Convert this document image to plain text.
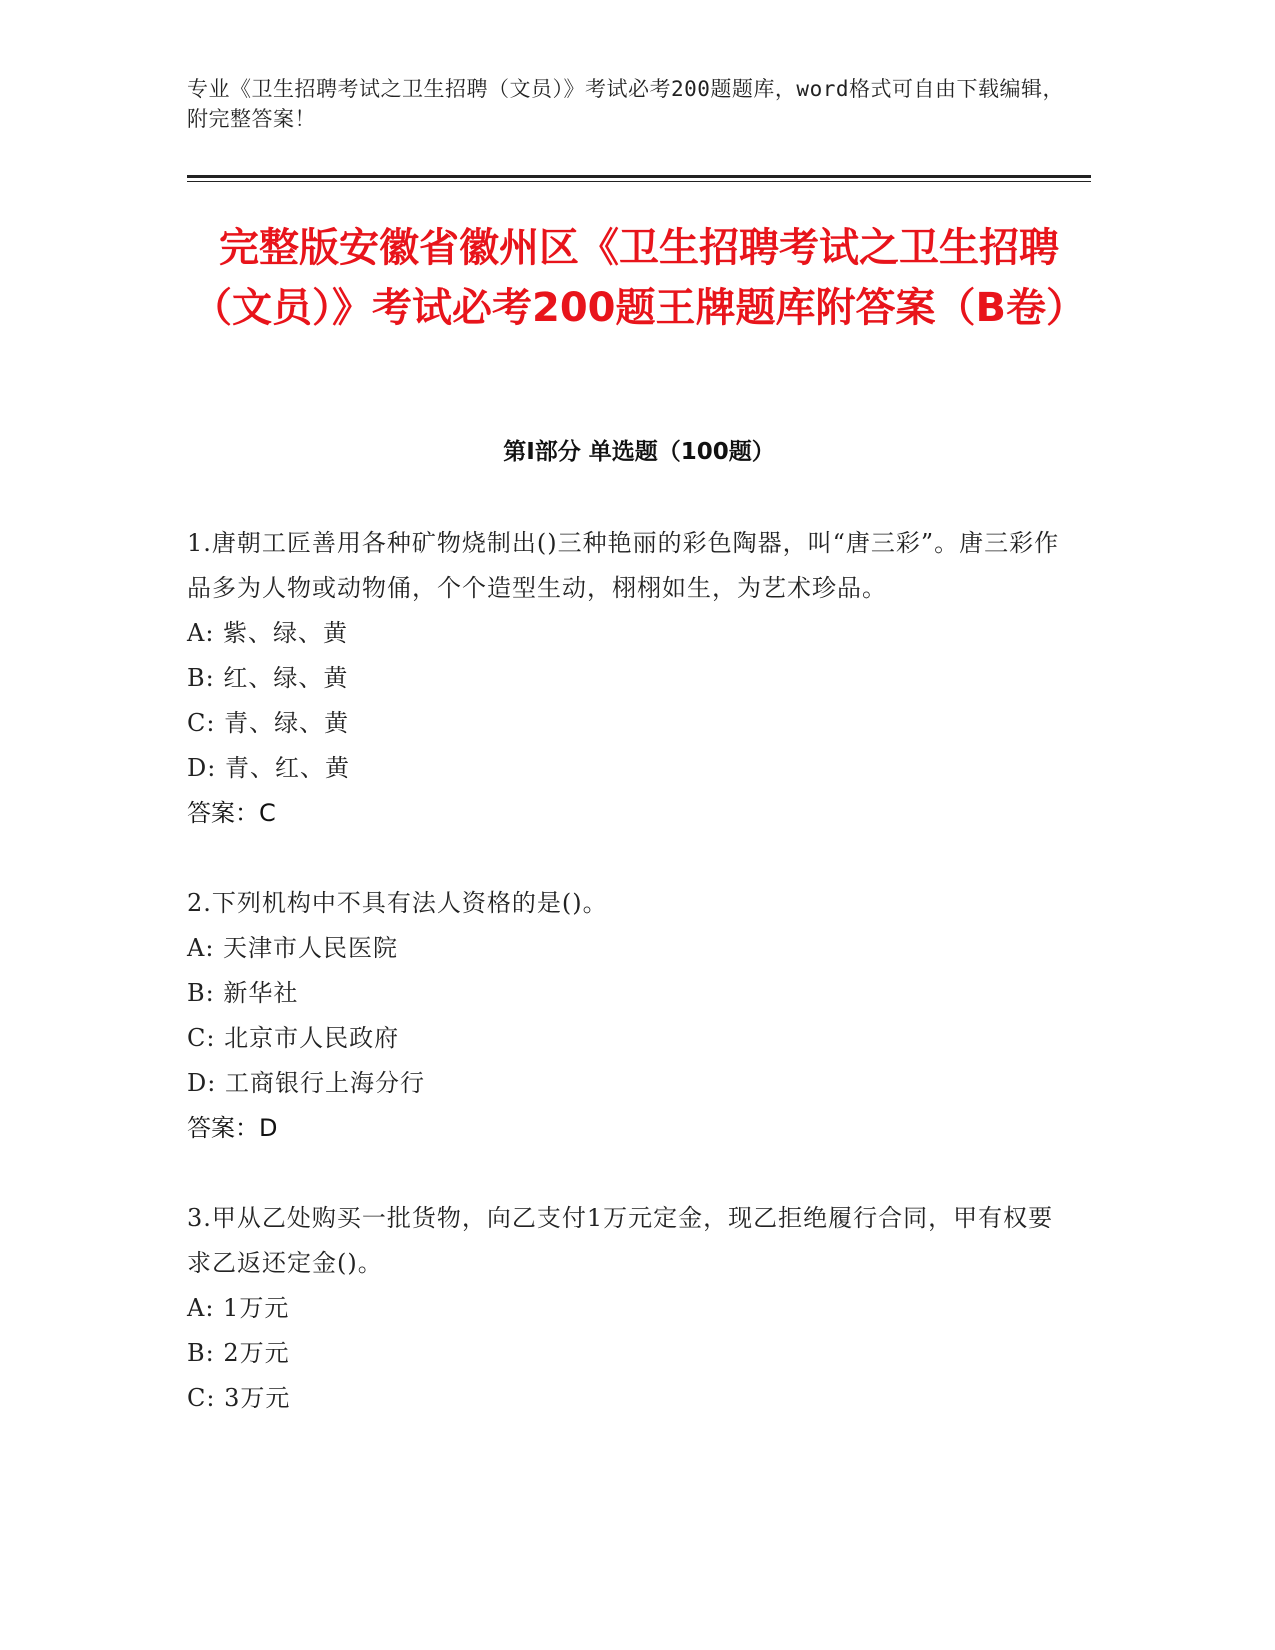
专业《卫生招聘考试之卫生招聘（文员）》考试必考200题题库，word格式可自由下载编辑，附完整答案！
完整版安徽省徽州区《卫生招聘考试之卫生招聘（文员）》考试必考200题王牌题库附答案（B卷）
第Ⅰ部分 单选题（100题）
1.唐朝工匠善用各种矿物烧制出()三种艳丽的彩色陶器，叫“唐三彩”。唐三彩作品多为人物或动物俑，个个造型生动，栩栩如生，为艺术珍品。
A: 紫、绿、黄
B: 红、绿、黄
C: 青、绿、黄
D: 青、红、黄
答案：C
2.下列机构中不具有法人资格的是()。
A: 天津市人民医院
B: 新华社
C: 北京市人民政府
D: 工商银行上海分行
答案：D
3.甲从乙处购买一批货物，向乙支付1万元定金，现乙拒绝履行合同，甲有权要求乙返还定金()。
A: 1万元
B: 2万元
C: 3万元
